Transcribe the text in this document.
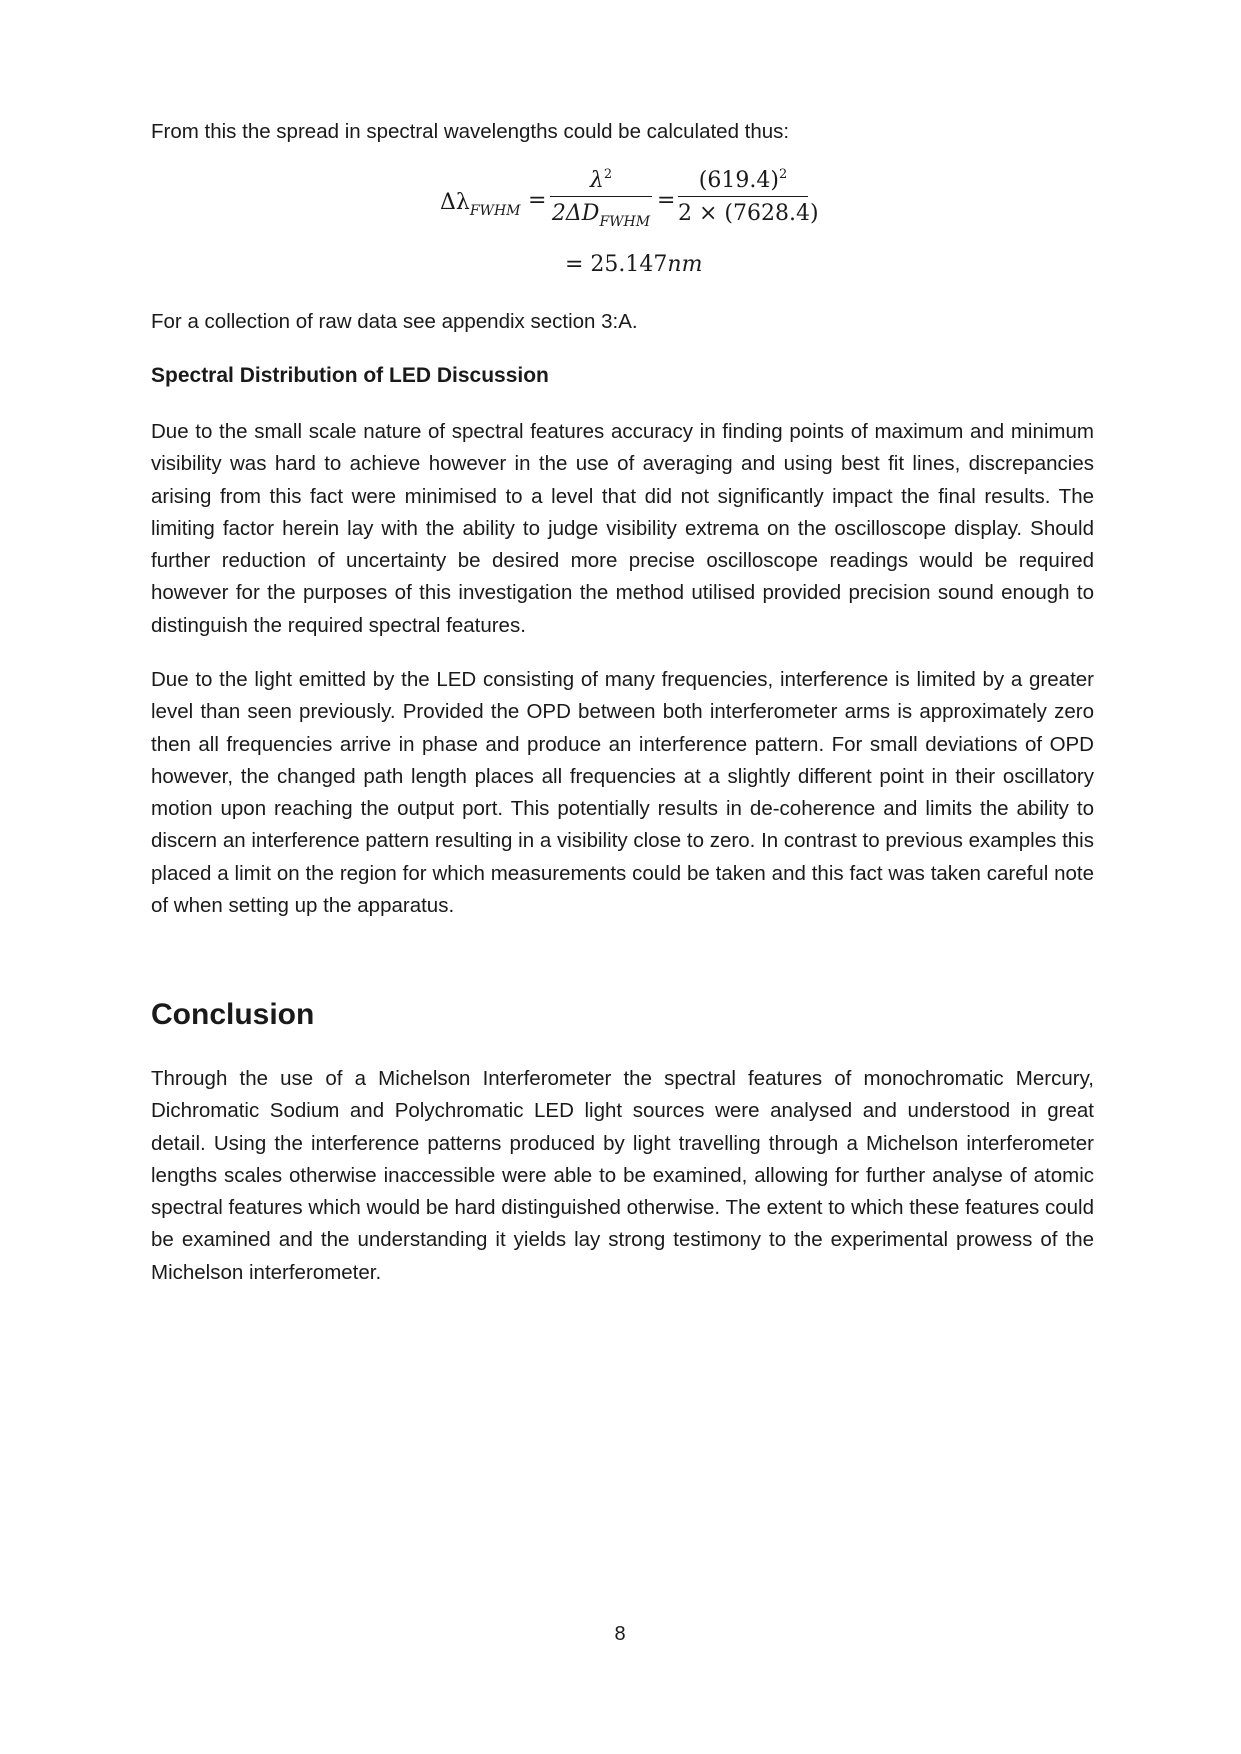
From this the spread in spectral wavelengths could be calculated thus:

$\Delta\lambda_{FWHM}$ =
$\lambda^2$
$2\Delta D_{FWHM}$
=
$(619.4)^2$
2 × (7628.4)
= 25.147nm

For a collection of raw data see appendix section 3:A.

Spectral Distribution of LED Discussion

Due to the small scale nature of spectral features accuracy in finding points of maximum and minimum visibility was hard to achieve however in the use of averaging and using best fit lines, discrepancies arising from this fact were minimised to a level that did not significantly impact the final results. The limiting factor herein lay with the ability to judge visibility extrema on the oscilloscope display. Should further reduction of uncertainty be desired more precise oscilloscope readings would be required however for the purposes of this investigation the method utilised provided precision sound enough to distinguish the required spectral features.

Due to the light emitted by the LED consisting of many frequencies, interference is limited by a greater level than seen previously. Provided the OPD between both interferometer arms is approximately zero then all frequencies arrive in phase and produce an interference pattern. For small deviations of OPD however, the changed path length places all frequencies at a slightly different point in their oscillatory motion upon reaching the output port. This potentially results in de-coherence and limits the ability to discern an interference pattern resulting in a visibility close to zero. In contrast to previous examples this placed a limit on the region for which measurements could be taken and this fact was taken careful note of when setting up the apparatus.

Conclusion

Through the use of a Michelson Interferometer the spectral features of monochromatic Mercury, Dichromatic Sodium and Polychromatic LED light sources were analysed and understood in great detail. Using the interference patterns produced by light travelling through a Michelson interferometer lengths scales otherwise inaccessible were able to be examined, allowing for further analyse of atomic spectral features which would be hard distinguished otherwise. The extent to which these features could be examined and the understanding it yields lay strong testimony to the experimental prowess of the Michelson interferometer.

8
